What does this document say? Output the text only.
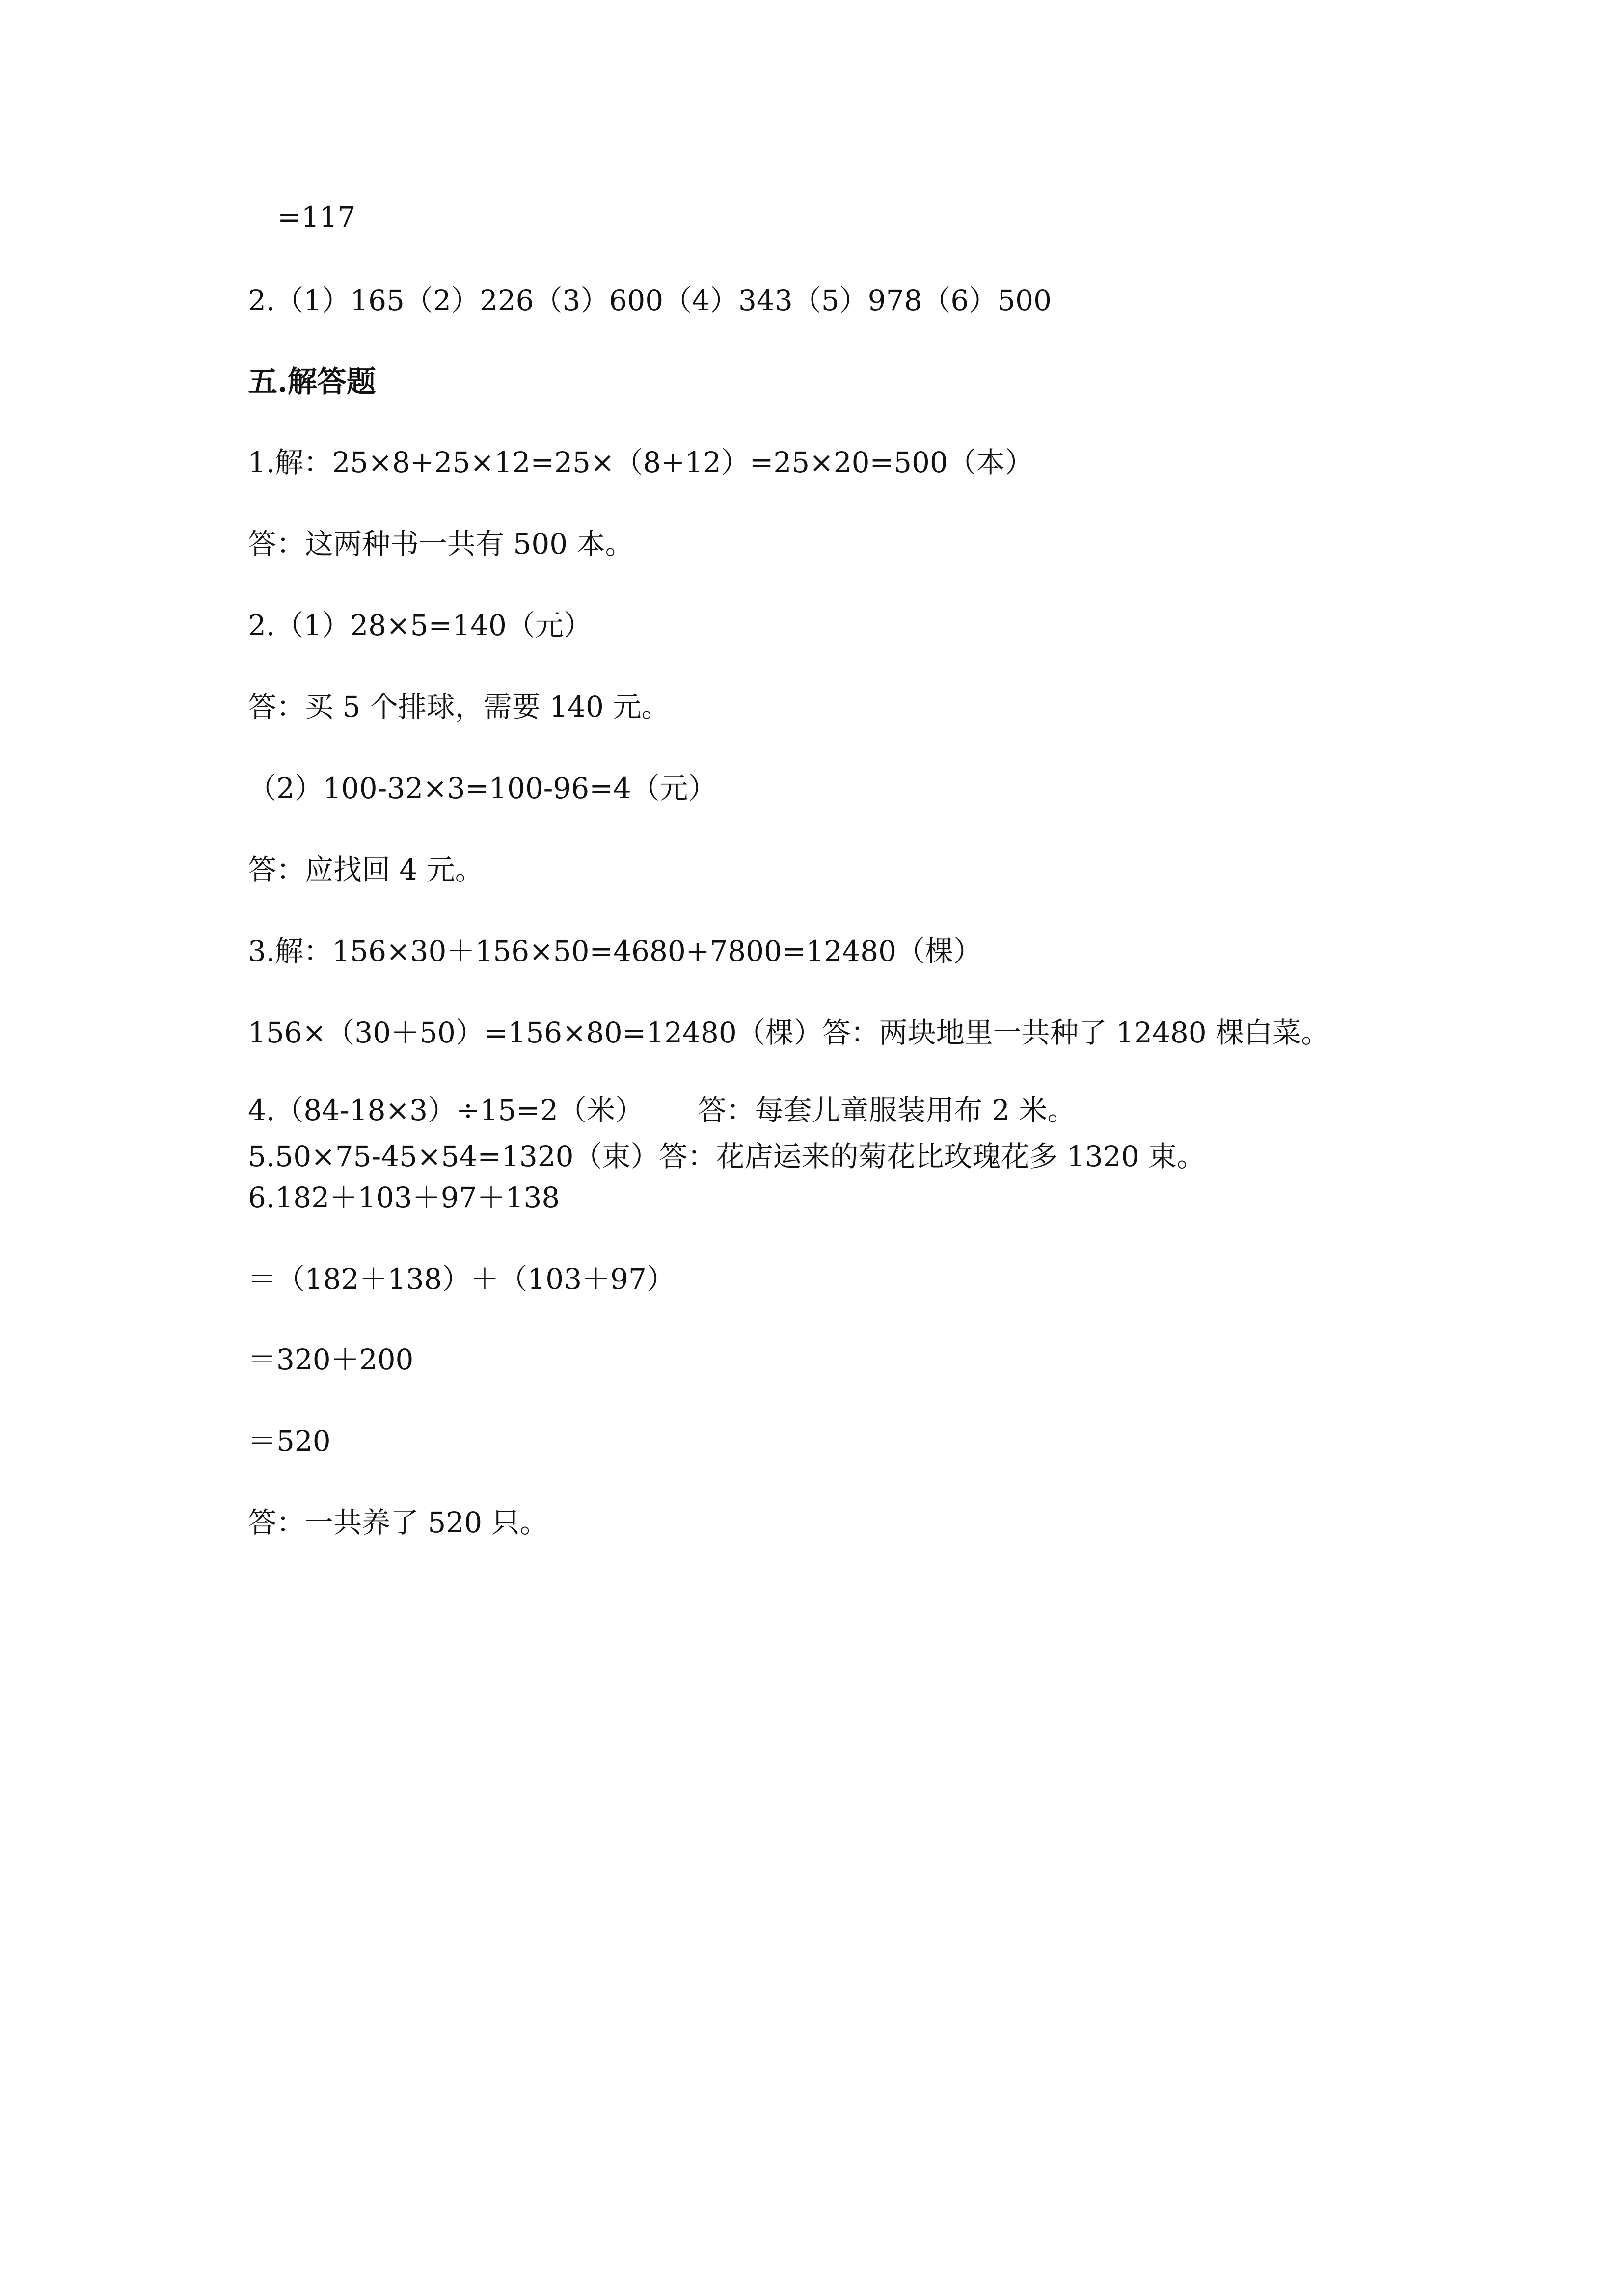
=117
2.（1）165（2）226（3）600（4）343（5）978（6）500
五.解答题
1.解：25×8+25×12=25×（8+12）=25×20=500（本）
答：这两种书一共有 500 本。
2.（1）28×5=140（元）
答：买 5 个排球，需要 140 元。
（2）100-32×3=100-96=4（元）
答：应找回 4 元。
3.解：156×30＋156×50=4680+7800=12480（棵）
156×（30＋50）=156×80=12480（棵）答：两块地里一共种了 12480 棵白菜。
4.（84-18×3）÷15=2（米）      答：每套儿童服装用布 2 米。
5.50×75-45×54=1320（束）答：花店运来的菊花比玫瑰花多 1320 束。
6.182＋103＋97＋138
＝（182＋138）＋（103＋97）
＝320＋200
＝520
答：一共养了 520 只。
